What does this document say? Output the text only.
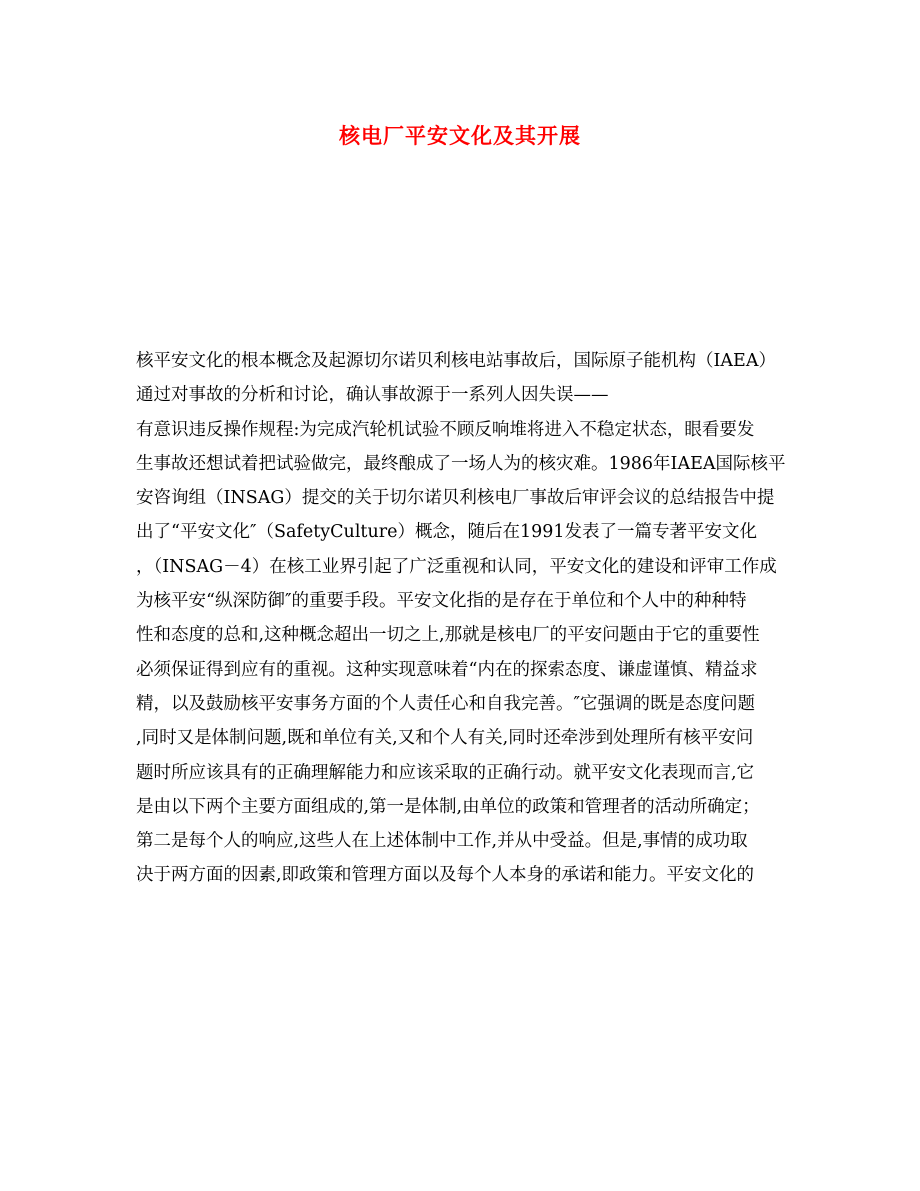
核电厂平安文化及其开展
核平安文化的根本概念及起源切尔诺贝利核电站事故后，国际原子能机构（IAEA）
通过对事故的分析和讨论，确认事故源于一系列人因失误——
有意识违反操作规程:为完成汽轮机试验不顾反响堆将进入不稳定状态，眼看要发
生事故还想试着把试验做完，最终酿成了一场人为的核灾难。1986年IAEA国际核平
安咨询组（INSAG）提交的关于切尔诺贝利核电厂事故后审评会议的总结报告中提
出了“平安文化″（SafetyCulture）概念，随后在1991发表了一篇专著平安文化
，（INSAG－4）在核工业界引起了广泛重视和认同，平安文化的建设和评审工作成
为核平安“纵深防御″的重要手段。平安文化指的是存在于单位和个人中的种种特
性和态度的总和,这种概念超出一切之上,那就是核电厂的平安问题由于它的重要性
必须保证得到应有的重视。这种实现意味着“内在的探索态度、谦虚谨慎、精益求
精，以及鼓励核平安事务方面的个人责任心和自我完善。″它强调的既是态度问题
,同时又是体制问题,既和单位有关,又和个人有关,同时还牵涉到处理所有核平安问
题时所应该具有的正确理解能力和应该采取的正确行动。就平安文化表现而言,它
是由以下两个主要方面组成的,第一是体制,由单位的政策和管理者的活动所确定；
第二是每个人的响应,这些人在上述体制中工作,并从中受益。但是,事情的成功取
决于两方面的因素,即政策和管理方面以及每个人本身的承诺和能力。平安文化的
